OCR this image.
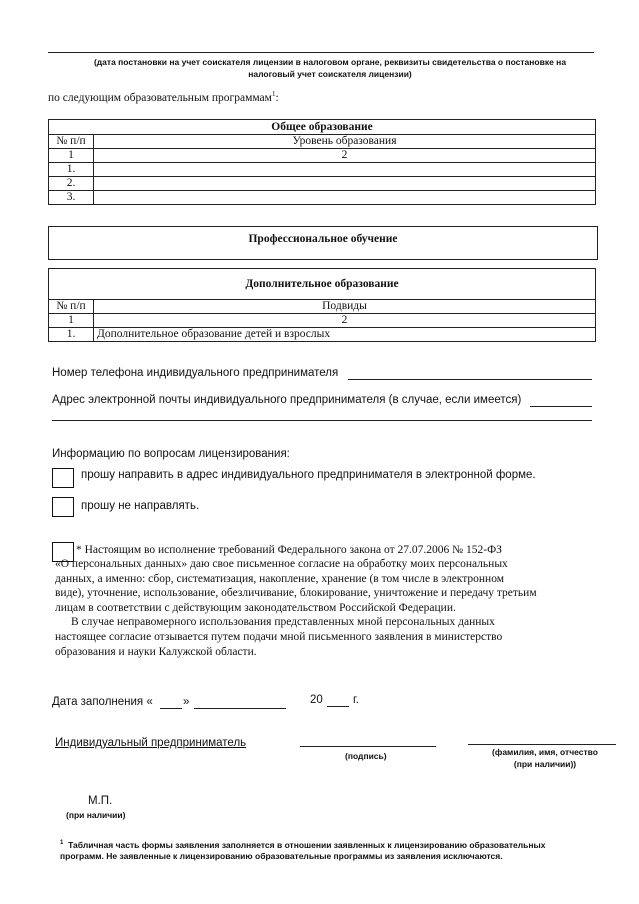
(дата постановки на учет соискателя лицензии в налоговом органе, реквизиты свидетельства о постановке на
налоговый учет соискателя лицензии)
по следующим образовательным программам$^1$:
Общее образование	
№ п/п	Уровень образования
1	2
1.	
2.	
3.	
Профессиональное обучение
Дополнительное образование	
№ п/п	Подвиды
1	2
1.	Дополнительное образование детей и взрослых
Номер телефона индивидуального предпринимателя
Адрес электронной почты индивидуального предпринимателя (в случае, если имеется)
Информацию по вопросам лицензирования:
прошу направить в адрес индивидуального предпринимателя в электронной форме.
прошу не направлять.
* Настоящим во исполнение требований Федерального закона от 27.07.2006 № 152-ФЗ
«О персональных данных» даю свое письменное согласие на обработку моих персональных
данных, а именно: сбор, систематизация, накопление, хранение (в том числе в электронном
виде), уточнение, использование, обезличивание, блокирование, уничтожение и передачу третьим
лицам в соответствии с действующим законодательством Российской Федерации.
В случае неправомерного использования представленных мной персональных данных
настоящее согласие отзывается путем подачи мной письменного заявления в министерство
образования и науки Калужской области.
Дата заполнения «	»	20	г.
Индивидуальный предприниматель
(подпись)	(фамилия, имя, отчество
(при наличии))
М.П.
(при наличии)
$^1$ Табличная часть формы заявления заполняется в отношении заявленных к лицензированию образовательных
программ. Не заявленные к лицензированию образовательные программы из заявления исключаются.
